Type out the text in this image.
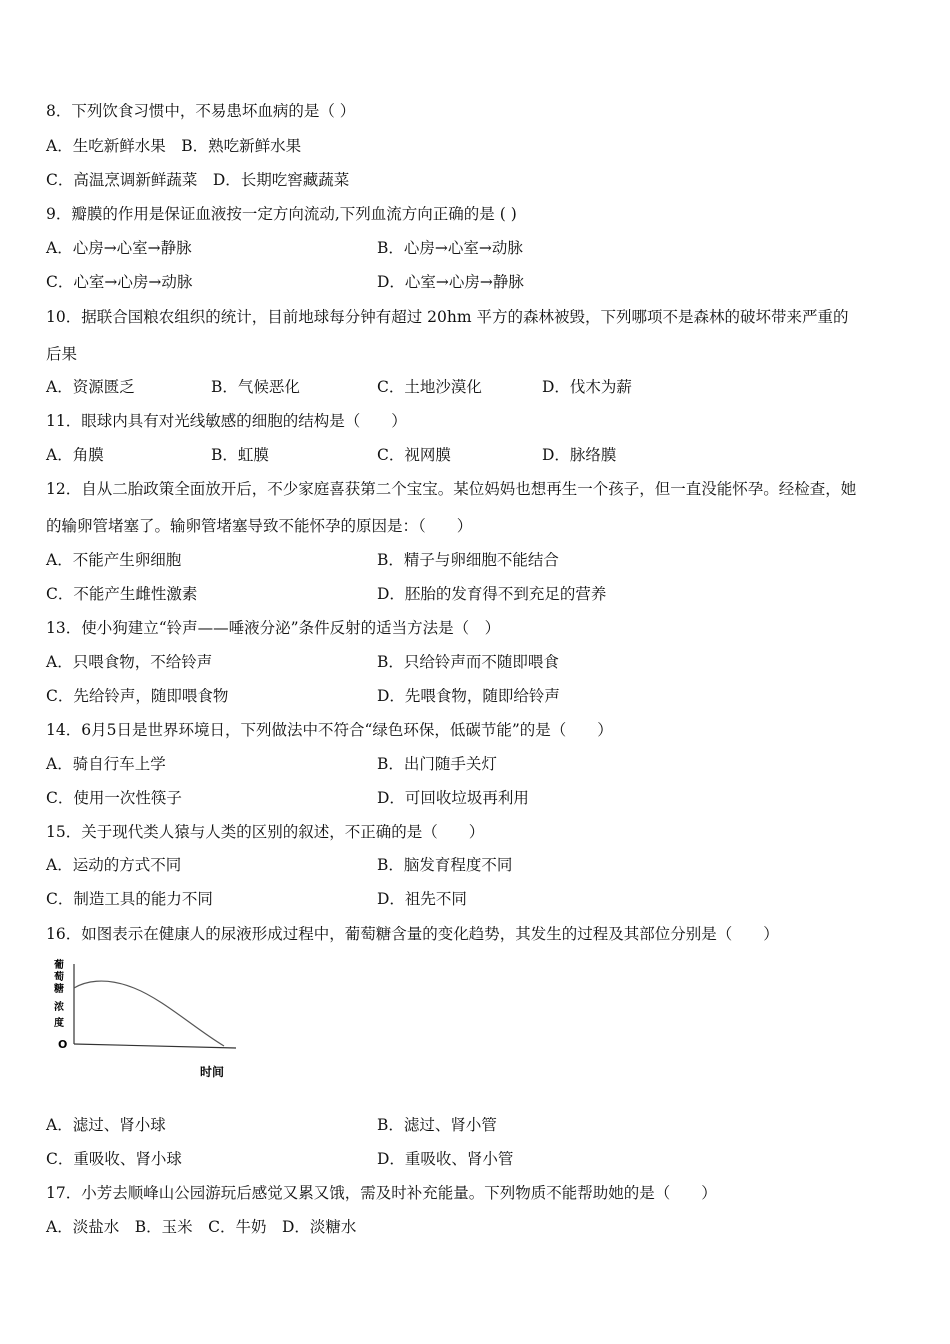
8．下列饮食习惯中，不易患坏血病的是（ ）
A．生吃新鲜水果　B．熟吃新鲜水果
C．高温烹调新鲜蔬菜　D．长期吃窖藏蔬菜
9．瓣膜的作用是保证血液按一定方向流动,下列血流方向正确的是 ( )
A．心房→心室→静脉	B．心房→心室→动脉
C．心室→心房→动脉	D．心室→心房→静脉
10．据联合国粮农组织的统计，目前地球每分钟有超过 20hm 平方的森林被毁，下列哪项不是森林的破坏带来严重的
后果
A．资源匮乏	B．气候恶化	C．土地沙漠化	D．伐木为薪
11．眼球内具有对光线敏感的细胞的结构是（　　）
A．角膜	B．虹膜	C．视网膜	D．脉络膜
12．自从二胎政策全面放开后，不少家庭喜获第二个宝宝。某位妈妈也想再生一个孩子，但一直没能怀孕。经检查，她
的输卵管堵塞了。输卵管堵塞导致不能怀孕的原因是：（　　）
A．不能产生卵细胞	B．精子与卵细胞不能结合
C．不能产生雌性激素	D．胚胎的发育得不到充足的营养
13．使小狗建立“铃声——唾液分泌”条件反射的适当方法是（　）
A．只喂食物，不给铃声	B．只给铃声而不随即喂食
C．先给铃声，随即喂食物	D．先喂食物，随即给铃声
14．6月5日是世界环境日，下列做法中不符合“绿色环保，低碳节能”的是（　　）
A．骑自行车上学	B．出门随手关灯
C．使用一次性筷子	D．可回收垃圾再利用
15．关于现代类人猿与人类的区别的叙述，不正确的是（　　）
A．运动的方式不同	B．脑发育程度不同
C．制造工具的能力不同	D．祖先不同
16．如图表示在健康人的尿液形成过程中，葡萄糖含量的变化趋势，其发生的过程及其部位分别是（　　）
葡
萄
糖
浓
度
O
时间
A．滤过、肾小球	B．滤过、肾小管
C．重吸收、肾小球	D．重吸收、肾小管
17．小芳去顺峰山公园游玩后感觉又累又饿，需及时补充能量。下列物质不能帮助她的是（　　）
A．淡盐水　B．玉米　C．牛奶　D．淡糖水
